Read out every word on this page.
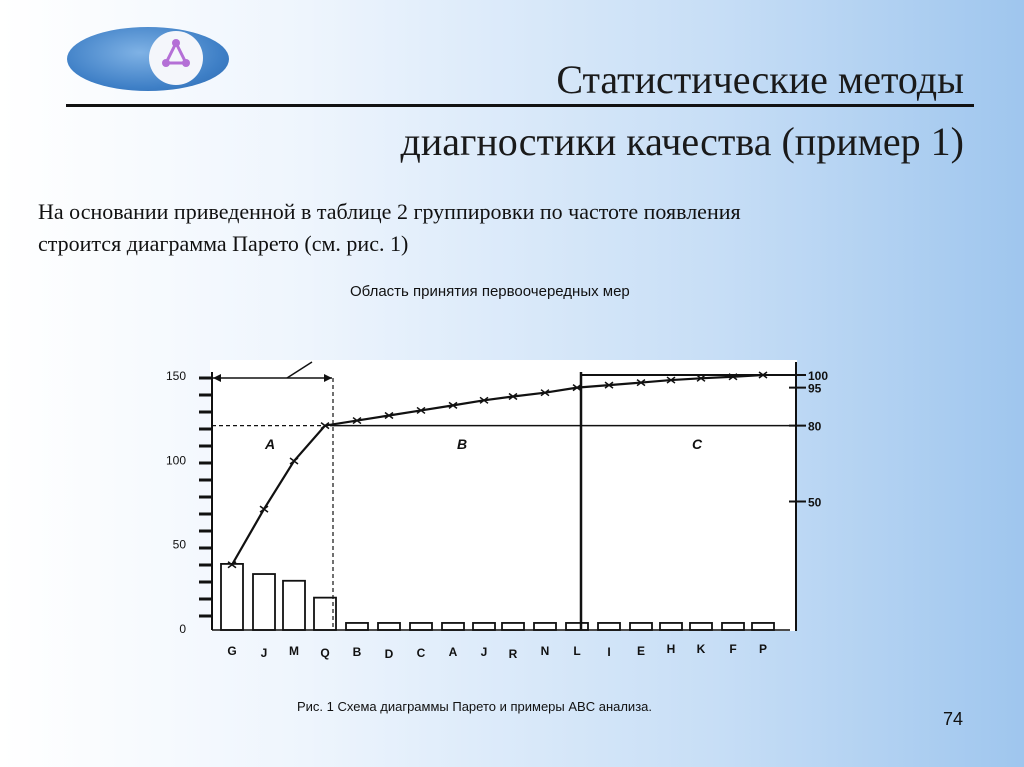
Статистические методы
диагностики качества (пример 1)

На основании приведенной в таблице 2 группировки по частоте появления
строится диаграмма Парето (см. рис. 1)

Область принятия первоочередных мер
0
50
100
150
50
80
95
100
A	B	C
G J M Q B D C A J R N L I E H K F P
Рис. 1 Схема диаграммы Парето и примеры ABC анализа.
74
